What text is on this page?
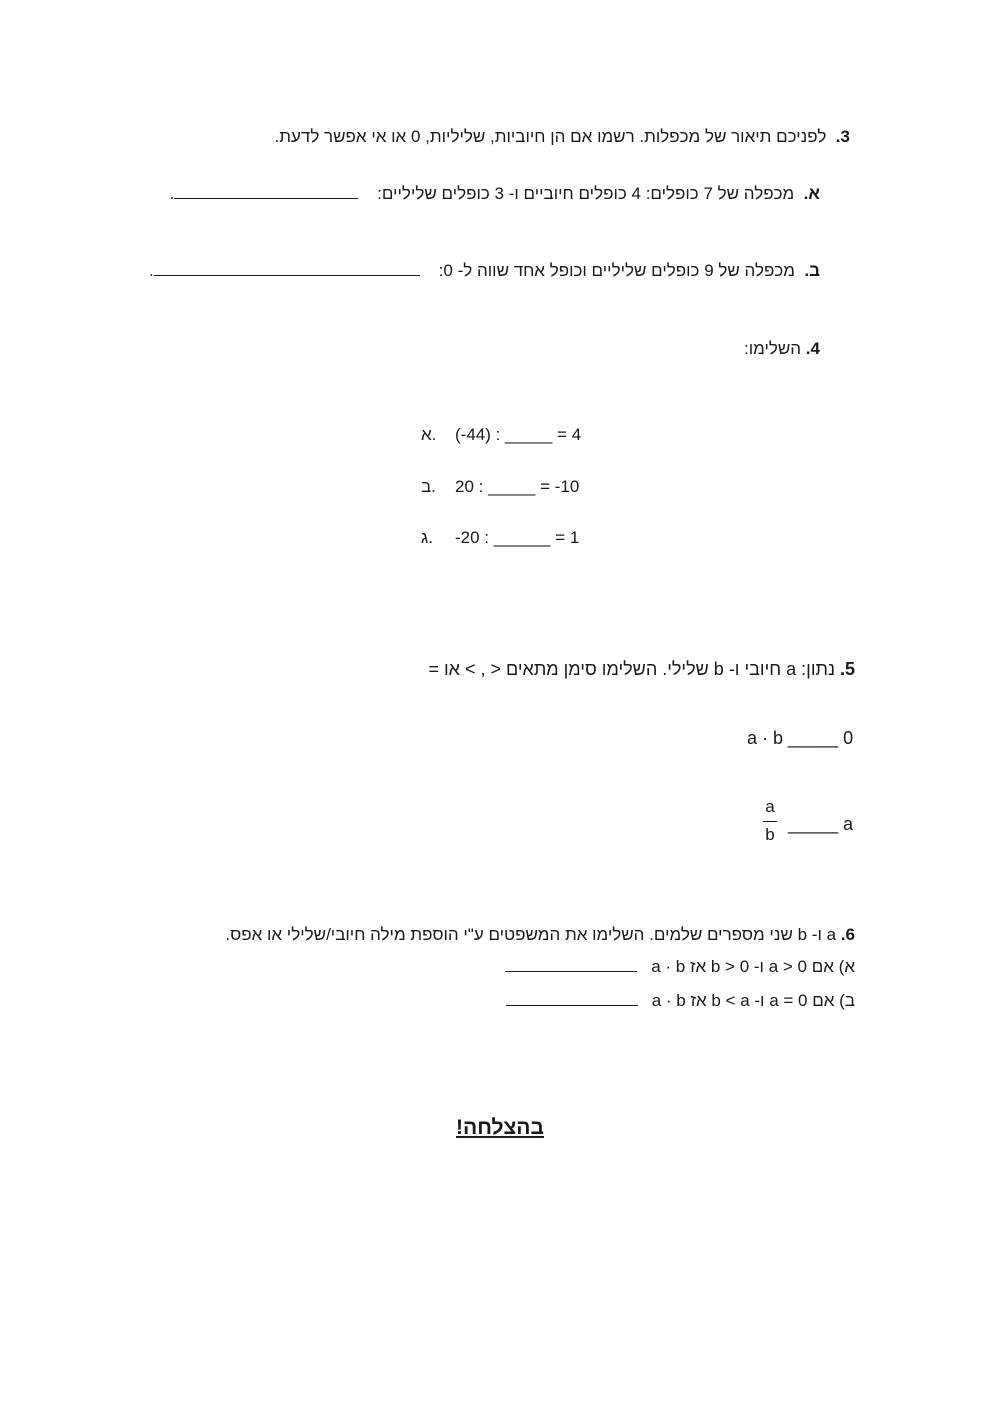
3.  לפניכם תיאור של מכפלות. רשמו אם הן חיוביות, שליליות, 0 או אי אפשר לדעת.
א.  מכפלה של 7 כופלים: 4 כופלים חיוביים ו- 3 כופלים שליליים:    .
ב.  מכפלה של 9 כופלים שליליים וכופל אחד שווה ל- 0:    .
4. השלימו:
א. (-44) : _____ = 4
ב. 20 : _____ = -10
ג. -20 : ______ = 1
5. נתון: a חיובי ו- b שלילי. השלימו סימן מתאים < , > או =
a · b _____ 0
a
b
_____ a
6. a ו- b שני מספרים שלמים. השלימו את המשפטים ע"י הוספת מילה חיובי/שלילי או אפס.
א) אם a > 0 ו- b > 0 אז a · b
ב) אם a = 0 ו- b < a אז a · b
בהצלחה!
